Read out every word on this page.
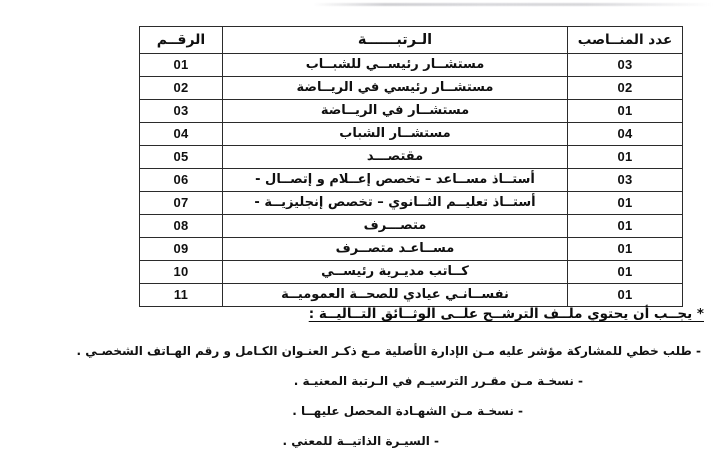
عدد المنــاصب	الـرتبــــــة	الرقــم
03	مستشــار رئيســي للشبــاب	01
02	مستشــار رئيسي في الريــاضة	02
01	مستشــار في الريــاضة	03
04	مستشــار الشباب	04
01	مقتصـــد	05
03	أستــاذ مســاعد – تخصص إعــلام و إتصــال -	06
01	أستــاذ تعليــم الثــانوي – تخصص إنجليزيــة -	07
01	متصـــرف	08
01	مســاعـد متصــرف	09
01	كــاتب مديـرية رئيســي	10
01	نفســانـي عيادي للصحــة العموميــة	11

* يجــب أن يحتوي ملــف الترشــح علــى الوثــائق التــاليــة :

- طلب خطي للمشاركة مؤشر عليه مـن الإدارة الأصلية مـع ذكـر العنـوان الكـامل و رقم الهـاتف الشخصـي .
- نسخـة مـن مقـرر الترسيـم في الـرتبة المعنيـة .
- نسخـة مـن الشهـادة المحصل عليهــا .
- السيـرة الذاتيــة للمعني .
